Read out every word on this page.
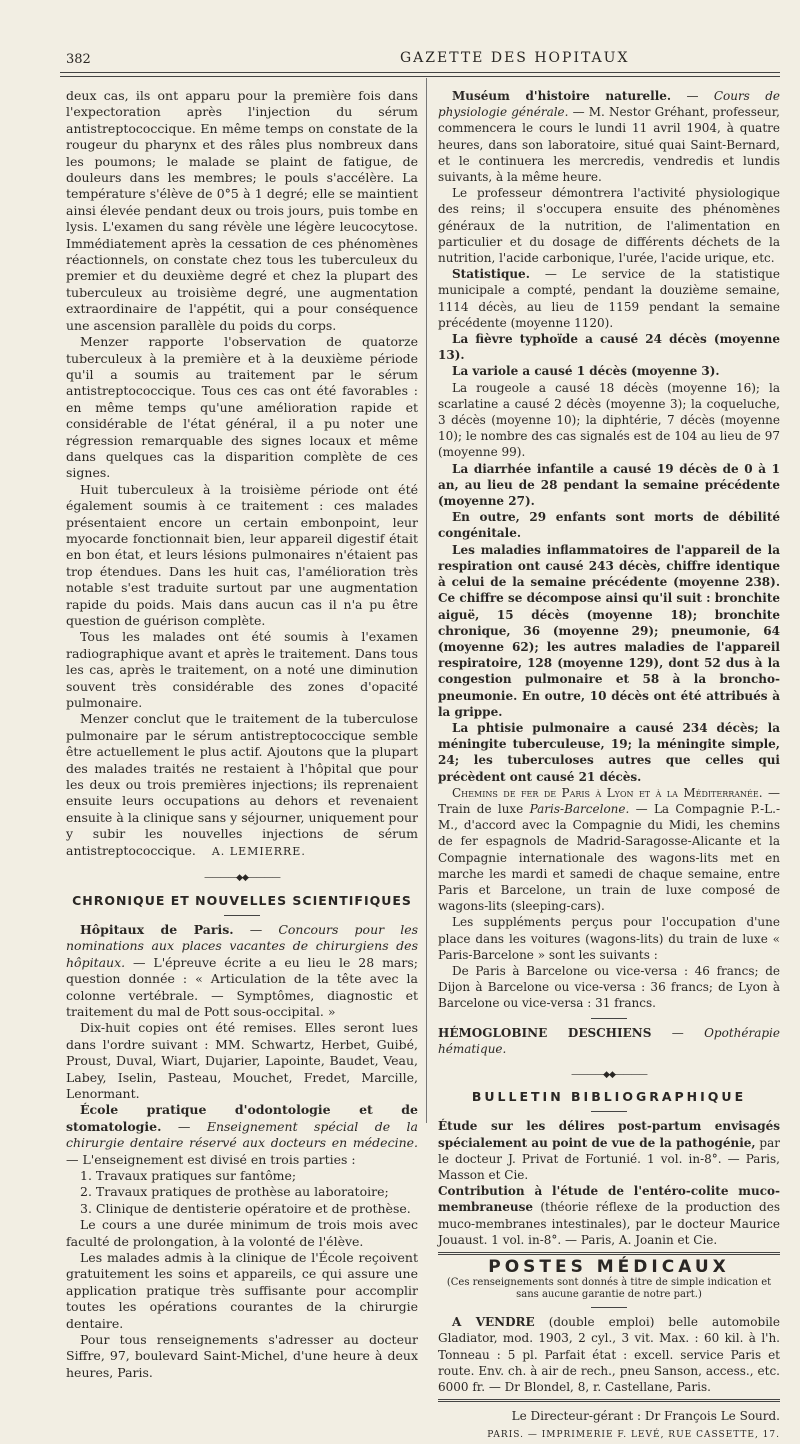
382	GAZETTE DES HOPITAUX

deux cas, ils ont apparu pour la première fois dans l'expectoration après l'injection du sérum antistreptococcique. En même temps on constate de la rougeur du pharynx et des râles plus nombreux dans les poumons; le malade se plaint de fatigue, de douleurs dans les membres; le pouls s'accélère. La température s'élève de 0°5 à 1 degré; elle se maintient ainsi élevée pendant deux ou trois jours, puis tombe en lysis. L'examen du sang révèle une légère leucocytose. Immédiatement après la cessation de ces phénomènes réactionnels, on constate chez tous les tuberculeux du premier et du deuxième degré et chez la plupart des tuberculeux au troisième degré, une augmentation extraordinaire de l'appétit, qui a pour conséquence une ascension parallèle du poids du corps.

Menzer rapporte l'observation de quatorze tuberculeux à la première et à la deuxième période qu'il a soumis au traitement par le sérum antistreptococcique. Tous ces cas ont été favorables : en même temps qu'une amélioration rapide et considérable de l'état général, il a pu noter une régression remarquable des signes locaux et même dans quelques cas la disparition complète de ces signes.

Huit tuberculeux à la troisième période ont été également soumis à ce traitement : ces malades présentaient encore un certain embonpoint, leur myocarde fonctionnait bien, leur appareil digestif était en bon état, et leurs lésions pulmonaires n'étaient pas trop étendues. Dans les huit cas, l'amélioration très notable s'est traduite surtout par une augmentation rapide du poids. Mais dans aucun cas il n'a pu être question de guérison complète.

Tous les malades ont été soumis à l'examen radiographique avant et après le traitement. Dans tous les cas, après le traitement, on a noté une diminution souvent très considérable des zones d'opacité pulmonaire.

Menzer conclut que le traitement de la tuberculose pulmonaire par le sérum antistreptococcique semble être actuellement le plus actif. Ajoutons que la plupart des malades traités ne restaient à l'hôpital que pour les deux ou trois premières injections; ils reprenaient ensuite leurs occupations au dehors et revenaient ensuite à la clinique sans y séjourner, uniquement pour y subir les nouvelles injections de sérum antistreptococcique. A. LEMIERRE.

————◆◆————
CHRONIQUE ET NOUVELLES SCIENTIFIQUES

Hôpitaux de Paris. — Concours pour les nominations aux places vacantes de chirurgiens des hôpitaux. — L'épreuve écrite a eu lieu le 28 mars; question donnée : « Articulation de la tête avec la colonne vertébrale. — Symptômes, diagnostic et traitement du mal de Pott sous-occipital. »

Dix-huit copies ont été remises. Elles seront lues dans l'ordre suivant : MM. Schwartz, Herbet, Guibé, Proust, Duval, Wiart, Dujarier, Lapointe, Baudet, Veau, Labey, Iselin, Pasteau, Mouchet, Fredet, Marcille, Lenormant.

École pratique d'odontologie et de stomatologie. — Enseignement spécial de la chirurgie dentaire réservé aux docteurs en médecine. — L'enseignement est divisé en trois parties :

1. Travaux pratiques sur fantôme;
2. Travaux pratiques de prothèse au laboratoire;
3. Clinique de dentisterie opératoire et de prothèse.

Le cours a une durée minimum de trois mois avec faculté de prolongation, à la volonté de l'élève.

Les malades admis à la clinique de l'École reçoivent gratuitement les soins et appareils, ce qui assure une application pratique très suffisante pour accomplir toutes les opérations courantes de la chirurgie dentaire.

Pour tous renseignements s'adresser au docteur Siffre, 97, boulevard Saint-Michel, d'une heure à deux heures, Paris.

Muséum d'histoire naturelle. — Cours de physiologie générale. — M. Nestor Gréhant, professeur, commencera le cours le lundi 11 avril 1904, à quatre heures, dans son laboratoire, situé quai Saint-Bernard, et le continuera les mercredis, vendredis et lundis suivants, à la même heure.

Le professeur démontrera l'activité physiologique des reins; il s'occupera ensuite des phénomènes généraux de la nutrition, de l'alimentation en particulier et du dosage de différents déchets de la nutrition, l'acide carbonique, l'urée, l'acide urique, etc.

Statistique. — Le service de la statistique municipale a compté, pendant la douzième semaine, 1114 décès, au lieu de 1159 pendant la semaine précédente (moyenne 1120).

La fièvre typhoïde a causé 24 décès (moyenne 13).

La variole a causé 1 décès (moyenne 3).

La rougeole a causé 18 décès (moyenne 16); la scarlatine a causé 2 décès (moyenne 3); la coqueluche, 3 décès (moyenne 10); la diphtérie, 7 décès (moyenne 10); le nombre des cas signalés est de 104 au lieu de 97 (moyenne 99).

La diarrhée infantile a causé 19 décès de 0 à 1 an, au lieu de 28 pendant la semaine précédente (moyenne 27).

En outre, 29 enfants sont morts de débilité congénitale.

Les maladies inflammatoires de l'appareil de la respiration ont causé 243 décès, chiffre identique à celui de la semaine précédente (moyenne 238). Ce chiffre se décompose ainsi qu'il suit : bronchite aiguë, 15 décès (moyenne 18); bronchite chronique, 36 (moyenne 29); pneumonie, 64 (moyenne 62); les autres maladies de l'appareil respiratoire, 128 (moyenne 129), dont 52 dus à la congestion pulmonaire et 58 à la broncho-pneumonie. En outre, 10 décès ont été attribués à la grippe.

La phtisie pulmonaire a causé 234 décès; la méningite tuberculeuse, 19; la méningite simple, 24; les tuberculoses autres que celles qui précèdent ont causé 21 décès.

Chemins de fer de Paris à Lyon et à la Méditerranée. — Train de luxe Paris-Barcelone. — La Compagnie P.-L.-M., d'accord avec la Compagnie du Midi, les chemins de fer espagnols de Madrid-Saragosse-Alicante et la Compagnie internationale des wagons-lits met en marche les mardi et samedi de chaque semaine, entre Paris et Barcelone, un train de luxe composé de wagons-lits (sleeping-cars).

Les suppléments perçus pour l'occupation d'une place dans les voitures (wagons-lits) du train de luxe « Paris-Barcelone » sont les suivants :

De Paris à Barcelone ou vice-versa : 46 francs; de Dijon à Barcelone ou vice-versa : 36 francs; de Lyon à Barcelone ou vice-versa : 31 francs.

HÉMOGLOBINE DESCHIENS — Opothérapie hématique.

————◆◆————
BULLETIN BIBLIOGRAPHIQUE

Étude sur les délires post-partum envisagés spécialement au point de vue de la pathogénie, par le docteur J. Privat de Fortunié. 1 vol. in-8°. — Paris, Masson et Cie.

Contribution à l'étude de l'entéro-colite muco-membraneuse (théorie réflexe de la production des muco-membranes intestinales), par le docteur Maurice Jouaust. 1 vol. in-8°. — Paris, A. Joanin et Cie.

POSTES MÉDICAUX
(Ces renseignements sont donnés à titre de simple indication et sans aucune garantie de notre part.)

A VENDRE (double emploi) belle automobile Gladiator, mod. 1903, 2 cyl., 3 vit. Max. : 60 kil. à l'h. Tonneau : 5 pl. Parfait état : excell. service Paris et route. Env. ch. à air de rech., pneu Sanson, access., etc. 6000 fr. — Dr Blondel, 8, r. Castellane, Paris.

Le Directeur-gérant : Dr François Le Sourd.
PARIS. — IMPRIMERIE F. LEVÉ, RUE CASSETTE, 17.
